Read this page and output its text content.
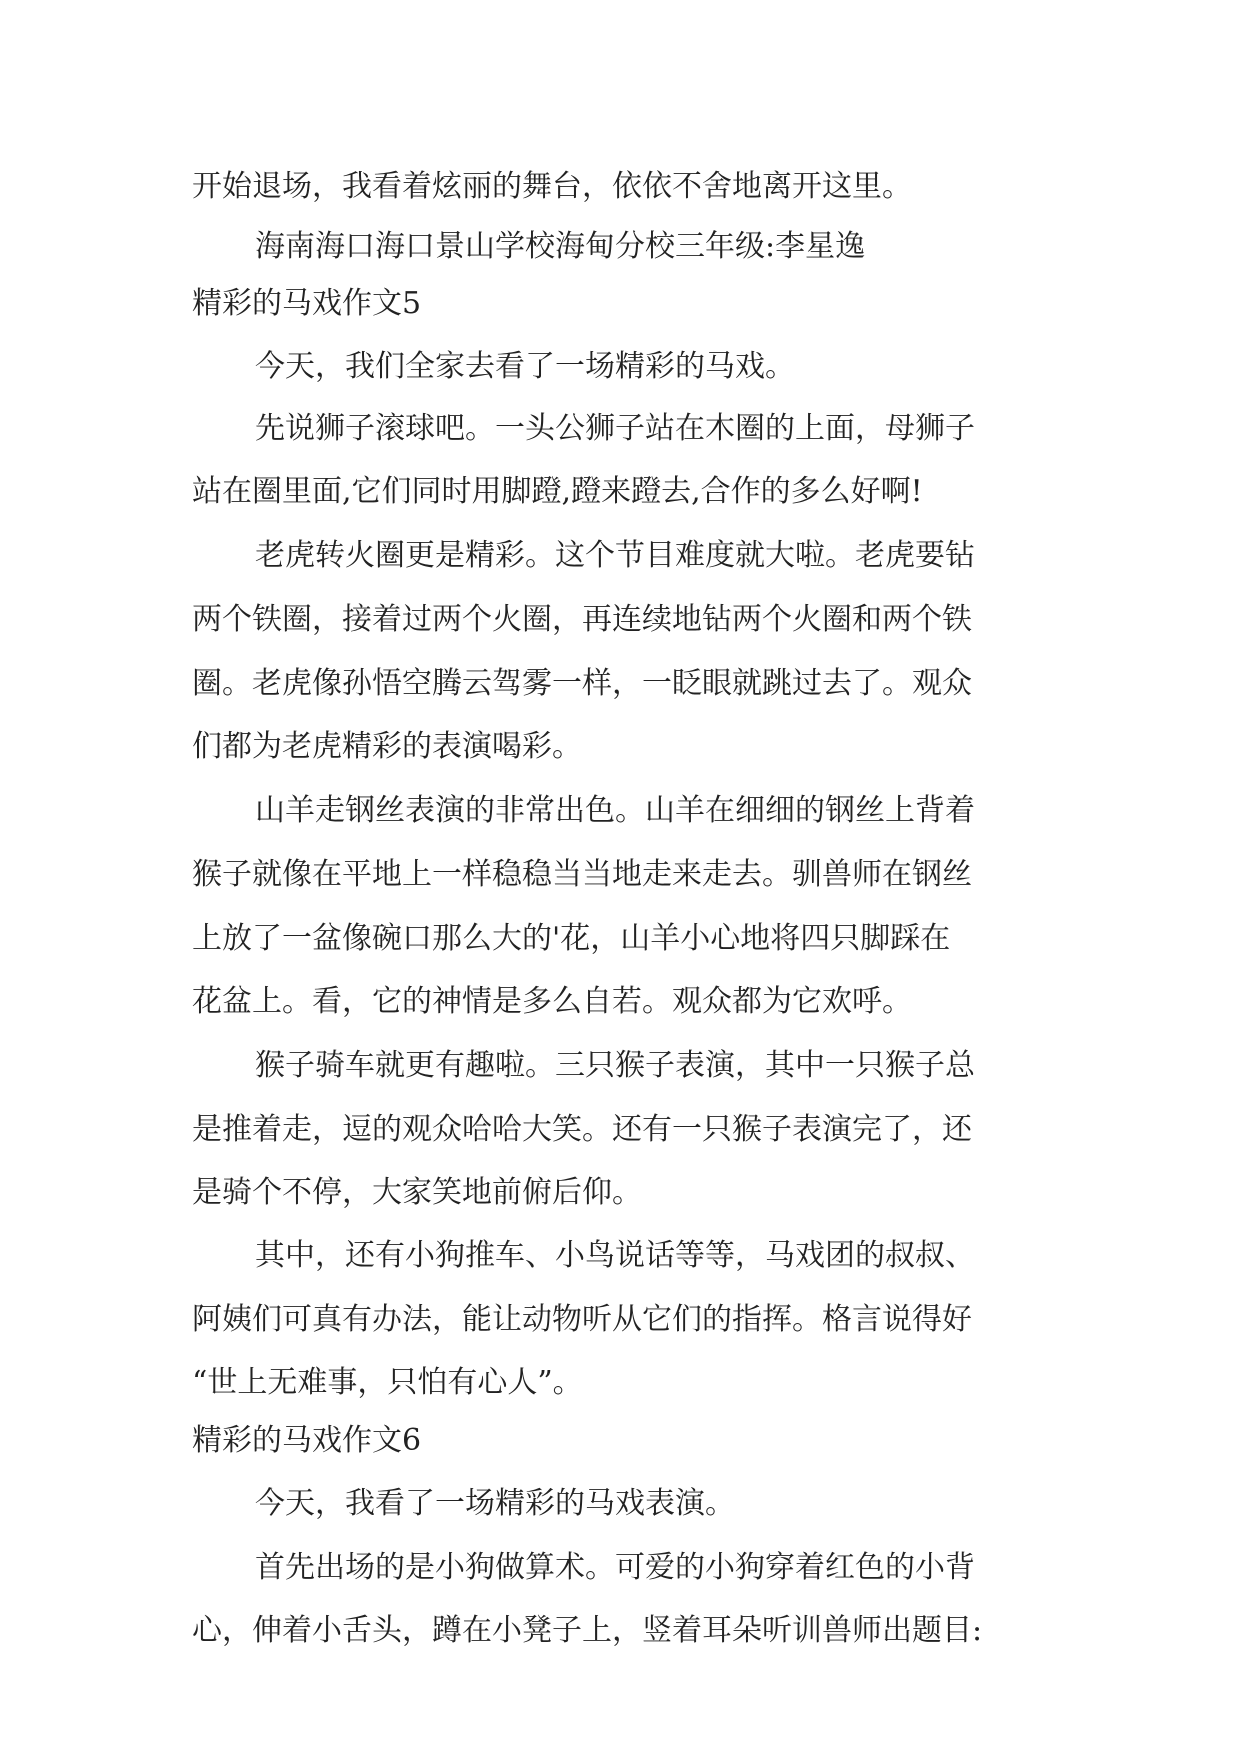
开始退场，我看着炫丽的舞台，依依不舍地离开这里。

海南海口海口景山学校海甸分校三年级:李星逸

精彩的马戏作文5

今天，我们全家去看了一场精彩的马戏。

先说狮子滚球吧。一头公狮子站在木圈的上面，母狮子

站在圈里面,它们同时用脚蹬,蹬来蹬去,合作的多么好啊!

老虎转火圈更是精彩。这个节目难度就大啦。老虎要钻

两个铁圈，接着过两个火圈，再连续地钻两个火圈和两个铁

圈。老虎像孙悟空腾云驾雾一样，一眨眼就跳过去了。观众

们都为老虎精彩的表演喝彩。

山羊走钢丝表演的非常出色。山羊在细细的钢丝上背着

猴子就像在平地上一样稳稳当当地走来走去。驯兽师在钢丝

上放了一盆像碗口那么大的'花，山羊小心地将四只脚踩在

花盆上。看，它的神情是多么自若。观众都为它欢呼。

猴子骑车就更有趣啦。三只猴子表演，其中一只猴子总

是推着走，逗的观众哈哈大笑。还有一只猴子表演完了，还

是骑个不停，大家笑地前俯后仰。

其中，还有小狗推车、小鸟说话等等，马戏团的叔叔、

阿姨们可真有办法，能让动物听从它们的指挥。格言说得好

“世上无难事，只怕有心人”。

精彩的马戏作文6

今天，我看了一场精彩的马戏表演。

首先出场的是小狗做算术。可爱的小狗穿着红色的小背

心，伸着小舌头，蹲在小凳子上，竖着耳朵听训兽师出题目:
